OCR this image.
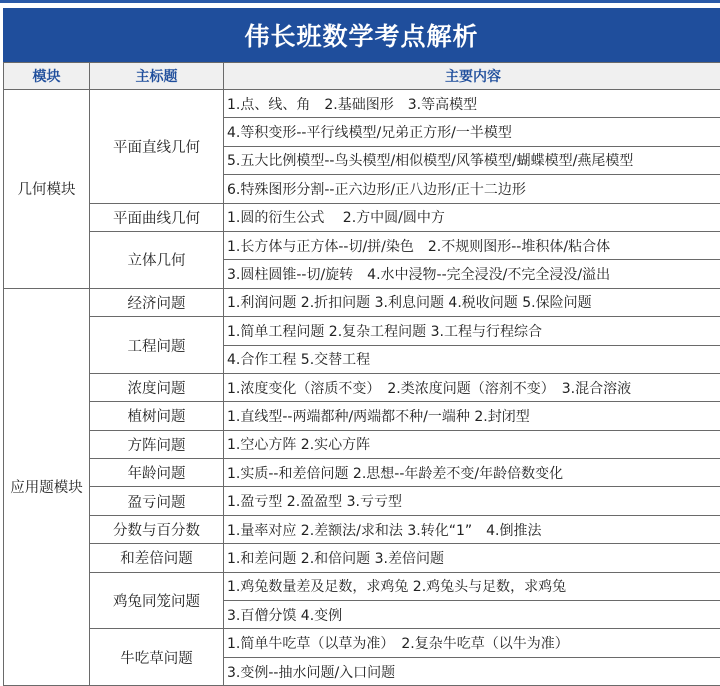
伟长班数学考点解析
模块	主标题	主要内容
几何模块	平面直线几何	1.点、线、角　2.基础图形　3.等高模型
		4.等积变形--平行线模型/兄弟正方形/一半模型
		5.五大比例模型--鸟头模型/相似模型/风筝模型/蝴蝶模型/燕尾模型
		6.特殊图形分割--正六边形/正八边形/正十二边形
	平面曲线几何	1.圆的衍生公式　 2.方中圆/圆中方
	立体几何	1.长方体与正方体--切/拼/染色　2.不规则图形--堆积体/粘合体
		3.圆柱圆锥--切/旋转　4.水中浸物--完全浸没/不完全浸没/溢出
应用题模块	经济问题	1.利润问题 2.折扣问题 3.利息问题 4.税收问题 5.保险问题
	工程问题	1.简单工程问题 2.复杂工程问题 3.工程与行程综合
		4.合作工程 5.交替工程
	浓度问题	1.浓度变化（溶质不变）　2.类浓度问题（溶剂不变）　3.混合溶液
	植树问题	1.直线型--两端都种/两端都不种/一端种 2.封闭型
	方阵问题	1.空心方阵 2.实心方阵
	年龄问题	1.实质--和差倍问题 2.思想--年龄差不变/年龄倍数变化
	盈亏问题	1.盈亏型 2.盈盈型 3.亏亏型
	分数与百分数	1.量率对应 2.差额法/求和法 3.转化“1”　4.倒推法
	和差倍问题	1.和差问题 2.和倍问题 3.差倍问题
	鸡兔同笼问题	1.鸡兔数量差及足数，求鸡兔 2.鸡兔头与足数，求鸡兔
		3.百僧分馍 4.变例
	牛吃草问题	1.简单牛吃草（以草为准）　2.复杂牛吃草（以牛为准）
		3.变例--抽水问题/入口问题
